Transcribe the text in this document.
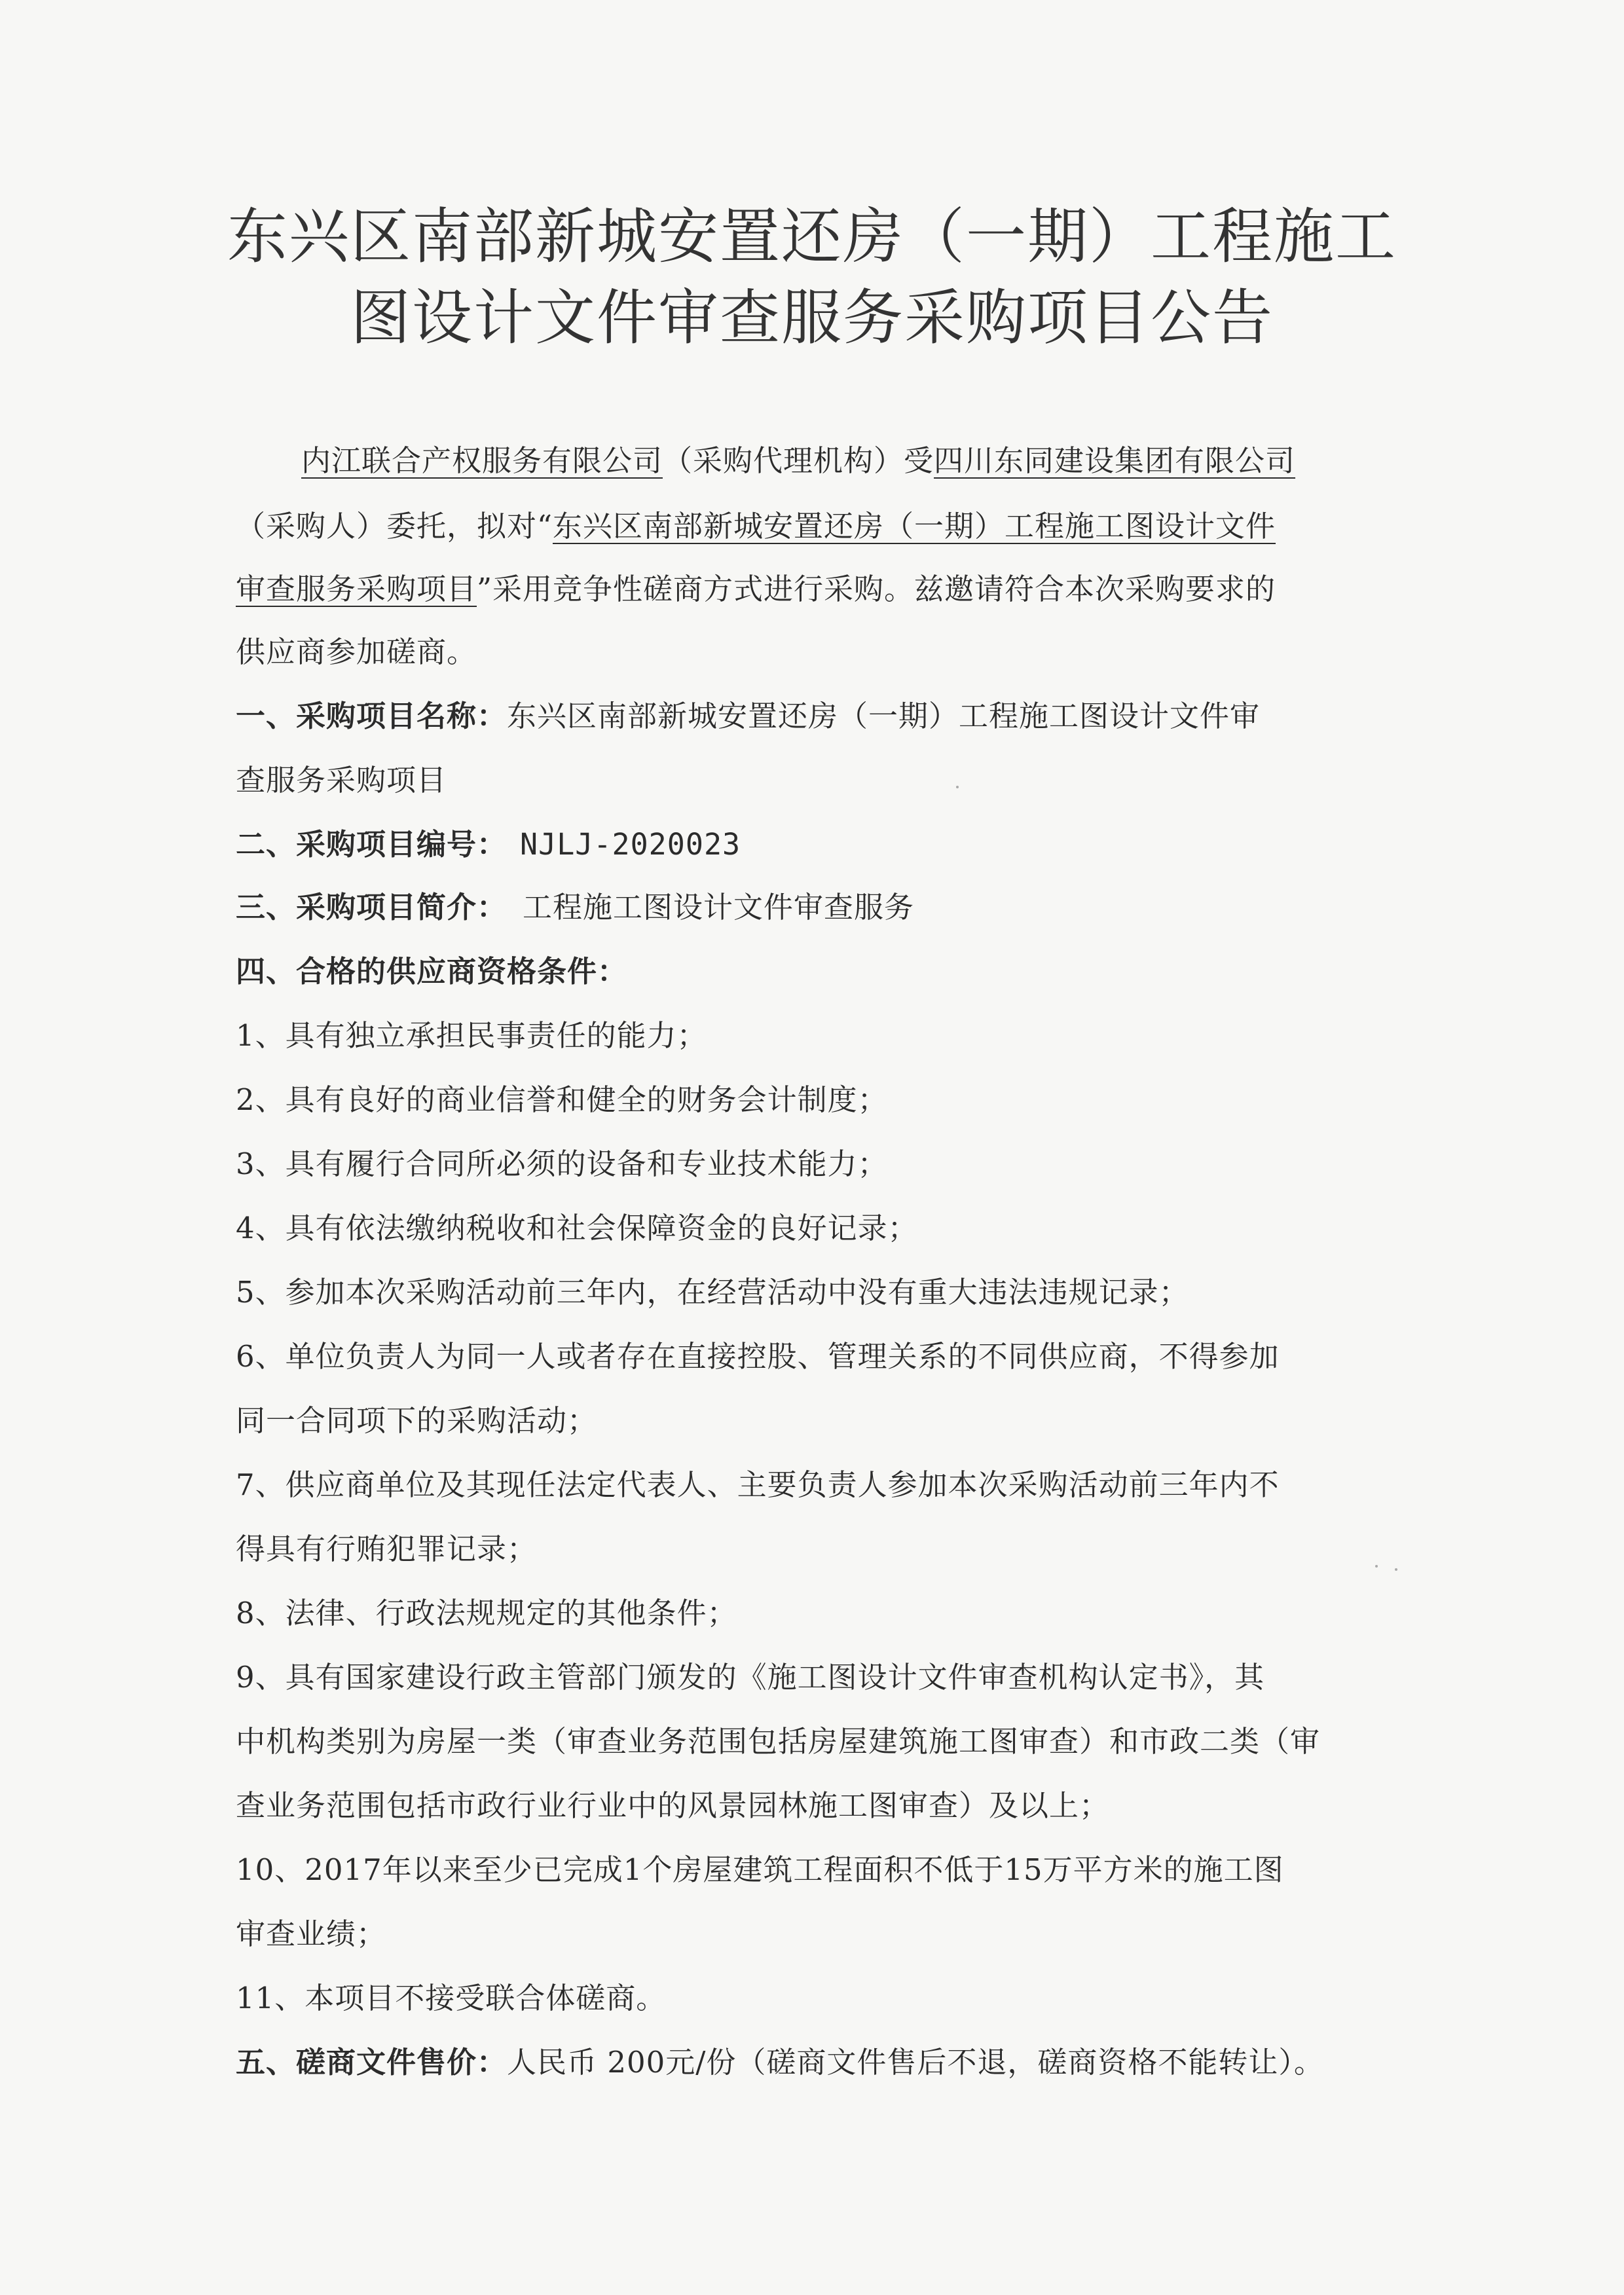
东兴区南部新城安置还房（一期）工程施工
图设计文件审查服务采购项目公告
内江联合产权服务有限公司（采购代理机构）受四川东同建设集团有限公司
（采购人）委托，拟对“东兴区南部新城安置还房（一期）工程施工图设计文件
审查服务采购项目”采用竞争性磋商方式进行采购。兹邀请符合本次采购要求的
供应商参加磋商。
一、采购项目名称：东兴区南部新城安置还房（一期）工程施工图设计文件审
查服务采购项目
二、采购项目编号： NJLJ-2020023
三、采购项目简介： 工程施工图设计文件审查服务
四、合格的供应商资格条件：
1、具有独立承担民事责任的能力；
2、具有良好的商业信誉和健全的财务会计制度；
3、具有履行合同所必须的设备和专业技术能力；
4、具有依法缴纳税收和社会保障资金的良好记录；
5、参加本次采购活动前三年内，在经营活动中没有重大违法违规记录；
6、单位负责人为同一人或者存在直接控股、管理关系的不同供应商，不得参加
同一合同项下的采购活动；
7、供应商单位及其现任法定代表人、主要负责人参加本次采购活动前三年内不
得具有行贿犯罪记录；
8、法律、行政法规规定的其他条件；
9、具有国家建设行政主管部门颁发的《施工图设计文件审查机构认定书》，其
中机构类别为房屋一类（审查业务范围包括房屋建筑施工图审查）和市政二类（审
查业务范围包括市政行业行业中的风景园林施工图审查）及以上；
10、2017年以来至少已完成1个房屋建筑工程面积不低于15万平方米的施工图
审查业绩；
11、本项目不接受联合体磋商。
五、磋商文件售价：人民币 200元/份（磋商文件售后不退，磋商资格不能转让）。
